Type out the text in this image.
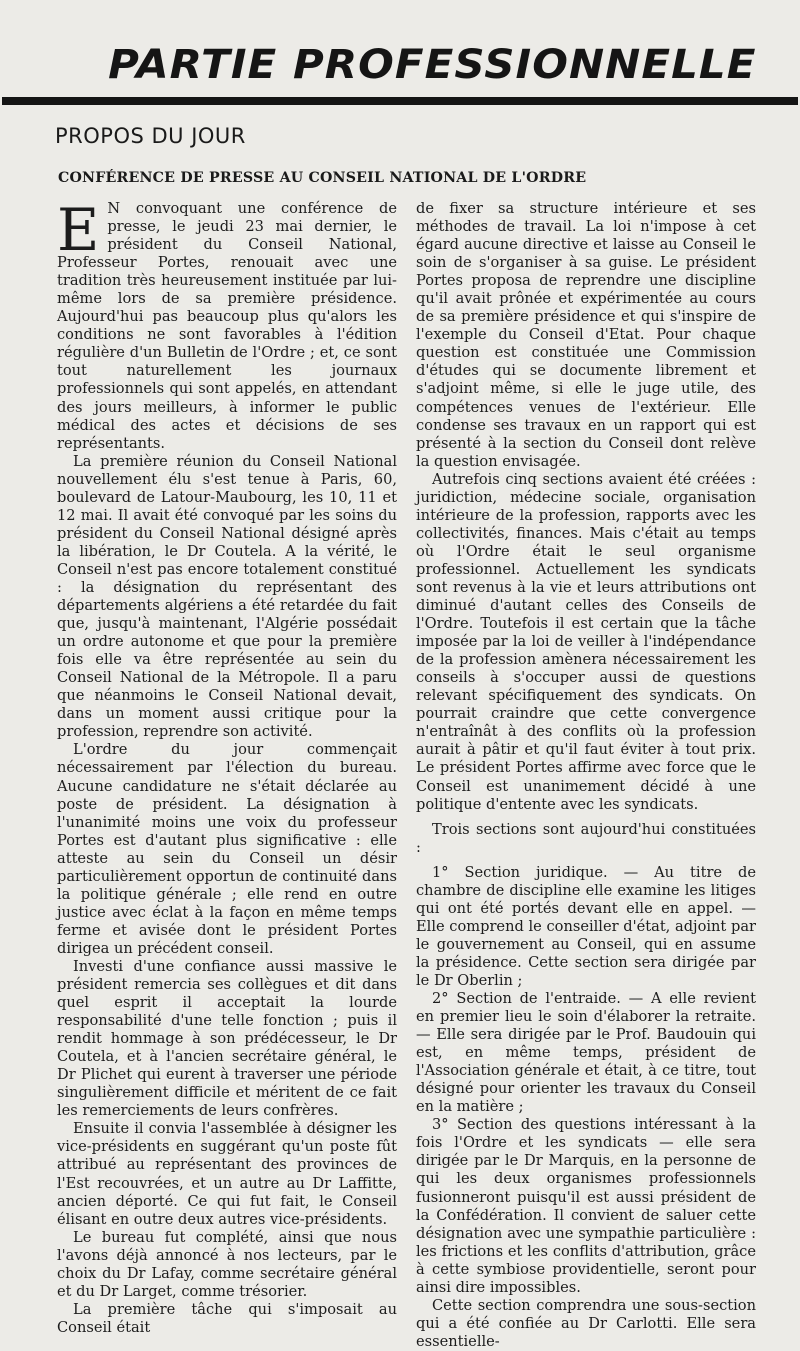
PARTIE PROFESSIONNELLE
PROPOS DU JOUR
CONFÉRENCE DE PRESSE AU CONSEIL NATIONAL DE L'ORDRE

E N convoquant une conférence de presse, le jeudi 23 mai dernier, le président du Conseil National, Professeur Portes, renouait avec une tradition très heureusement instituée par lui-même lors de sa première présidence. Aujourd'hui pas beaucoup plus qu'alors les conditions ne sont favorables à l'édition régulière d'un Bulletin de l'Ordre ; et, ce sont tout naturellement les journaux professionnels qui sont appelés, en attendant des jours meilleurs, à informer le public médical des actes et décisions de ses représentants.

La première réunion du Conseil National nouvellement élu s'est tenue à Paris, 60, boulevard de Latour-Maubourg, les 10, 11 et 12 mai. Il avait été convoqué par les soins du président du Conseil National désigné après la libération, le Dr Coutela. A la vérité, le Conseil n'est pas encore totalement constitué : la désignation du représentant des départements algériens a été retardée du fait que, jusqu'à maintenant, l'Algérie possédait un ordre autonome et que pour la première fois elle va être représentée au sein du Conseil National de la Métropole. Il a paru que néanmoins le Conseil National devait, dans un moment aussi critique pour la profession, reprendre son activité.

L'ordre du jour commençait nécessairement par l'élection du bureau. Aucune candidature ne s'était déclarée au poste de président. La désignation à l'unanimité moins une voix du professeur Portes est d'autant plus significative : elle atteste au sein du Conseil un désir particulièrement opportun de continuité dans la politique générale ; elle rend en outre justice avec éclat à la façon en même temps ferme et avisée dont le président Portes dirigea un précédent conseil.

Investi d'une confiance aussi massive le président remercia ses collègues et dit dans quel esprit il acceptait la lourde responsabilité d'une telle fonction ; puis il rendit hommage à son prédécesseur, le Dr Coutela, et à l'ancien secrétaire général, le Dr Plichet qui eurent à traverser une période singulièrement difficile et méritent de ce fait les remerciements de leurs confrères.

Ensuite il convia l'assemblée à désigner les vice-présidents en suggérant qu'un poste fût attribué au représentant des provinces de l'Est recouvrées, et un autre au Dr Laffitte, ancien déporté. Ce qui fut fait, le Conseil élisant en outre deux autres vice-présidents.

Le bureau fut complété, ainsi que nous l'avons déjà annoncé à nos lecteurs, par le choix du Dr Lafay, comme secrétaire général et du Dr Larget, comme trésorier.

La première tâche qui s'imposait au Conseil était

de fixer sa structure intérieure et ses méthodes de travail. La loi n'impose à cet égard aucune directive et laisse au Conseil le soin de s'organiser à sa guise. Le président Portes proposa de reprendre une discipline qu'il avait prônée et expérimentée au cours de sa première présidence et qui s'inspire de l'exemple du Conseil d'Etat. Pour chaque question est constituée une Commission d'études qui se documente librement et s'adjoint même, si elle le juge utile, des compétences venues de l'extérieur. Elle condense ses travaux en un rapport qui est présenté à la section du Conseil dont relève la question envisagée.

Autrefois cinq sections avaient été créées : juridiction, médecine sociale, organisation intérieure de la profession, rapports avec les collectivités, finances. Mais c'était au temps où l'Ordre était le seul organisme professionnel. Actuellement les syndicats sont revenus à la vie et leurs attributions ont diminué d'autant celles des Conseils de l'Ordre. Toutefois il est certain que la tâche imposée par la loi de veiller à l'indépendance de la profession amènera nécessairement les conseils à s'occuper aussi de questions relevant spécifiquement des syndicats. On pourrait craindre que cette convergence n'entraînât à des conflits où la profession aurait à pâtir et qu'il faut éviter à tout prix. Le président Portes affirme avec force que le Conseil est unanimement décidé à une politique d'entente avec les syndicats.

Trois sections sont aujourd'hui constituées :

1° Section juridique. — Au titre de chambre de discipline elle examine les litiges qui ont été portés devant elle en appel. — Elle comprend le conseiller d'état, adjoint par le gouvernement au Conseil, qui en assume la présidence. Cette section sera dirigée par le Dr Oberlin ;

2° Section de l'entraide. — A elle revient en premier lieu le soin d'élaborer la retraite. — Elle sera dirigée par le Prof. Baudouin qui est, en même temps, président de l'Association générale et était, à ce titre, tout désigné pour orienter les travaux du Conseil en la matière ;

3° Section des questions intéressant à la fois l'Ordre et les syndicats — elle sera dirigée par le Dr Marquis, en la personne de qui les deux organismes professionnels fusionneront puisqu'il est aussi président de la Confédération. Il convient de saluer cette désignation avec une sympathie particulière : les frictions et les conflits d'attribution, grâce à cette symbiose providentielle, seront pour ainsi dire impossibles.

Cette section comprendra une sous-section qui a été confiée au Dr Carlotti. Elle sera essentielle-
